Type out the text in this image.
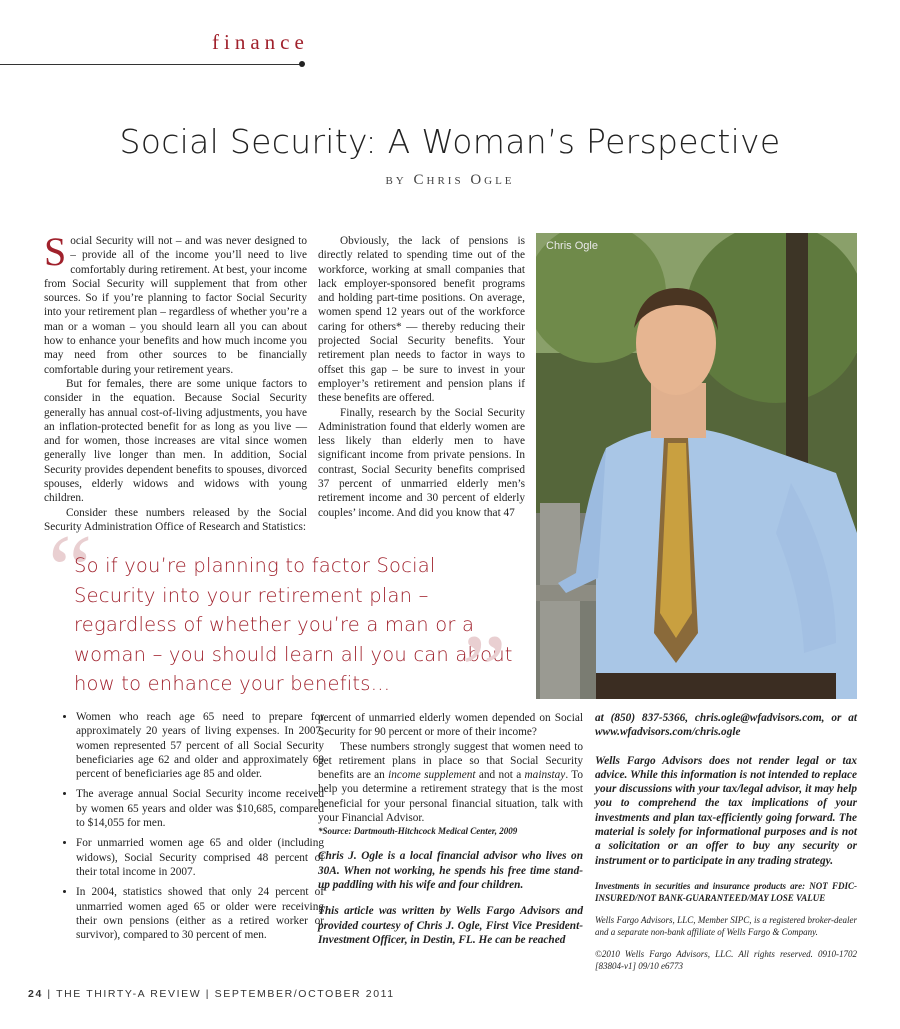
finance
Social Security: A Woman’s Perspective
by Chris Ogle

Social Security will not – and was never designed to – provide all of the income you’ll need to live comfortably during retirement. At best, your income from Social Security will supplement that from other sources. So if you’re planning to factor Social Security into your retirement plan – regardless of whether you’re a man or a woman – you should learn all you can about how to enhance your benefits and how much income you may need from other sources to be financially comfortable during your retirement years.

But for females, there are some unique factors to consider in the equation. Because Social Security generally has annual cost-of-living adjustments, you have an inflation-protected benefit for as long as you live — and for women, those increases are vital since women generally live longer than men. In addition, Social Security provides dependent benefits to spouses, divorced spouses, elderly widows and widows with young children.

Consider these numbers released by the Social Security Administration Office of Research and Statistics:

Obviously, the lack of pensions is directly related to spending time out of the workforce, working at small companies that lack employer-sponsored benefit programs and holding part-time positions. On average, women spend 12 years out of the workforce caring for others* — thereby reducing their projected Social Security benefits. Your retirement plan needs to factor in ways to offset this gap – be sure to invest in your employer’s retirement and pension plans if these benefits are offered.

Finally, research by the Social Security Administration found that elderly women are less likely than elderly men to have significant income from private pensions. In contrast, Social Security benefits comprised 37 percent of unmarried elderly men’s retirement income and 30 percent of elderly couples’ income. And did you know that 47

Chris Ogle
“
So if you’re planning to factor Social Security into your retirement plan – regardless of whether you’re a man or a woman – you should learn all you can about how to enhance your benefits… ”
• Women who reach age 65 need to prepare for approximately 20 years of living expenses. In 2007, women represented 57 percent of all Social Security beneficiaries age 62 and older and approximately 69 percent of beneficiaries age 85 and older.
• The average annual Social Security income received by women 65 years and older was $10,685, compared to $14,055 for men.
• For unmarried women age 65 and older (including widows), Social Security comprised 48 percent of their total income in 2007.
• In 2004, statistics showed that only 24 percent of unmarried women aged 65 or older were receiving their own pensions (either as a retired worker or survivor), compared to 30 percent of men.

percent of unmarried elderly women depended on Social Security for 90 percent or more of their income?

These numbers strongly suggest that women need to get retirement plans in place so that Social Security benefits are an income supplement and not a mainstay. To help you determine a retirement strategy that is the most beneficial for your personal financial situation, talk with your Financial Advisor.

*Source: Dartmouth-Hitchcock Medical Center, 2009

Chris J. Ogle is a local financial advisor who lives on 30A. When not working, he spends his free time stand-up paddling with his wife and four children.

This article was written by Wells Fargo Advisors and provided courtesy of Chris J. Ogle, First Vice President-Investment Officer, in Destin, FL. He can be reached

at (850) 837-5366, chris.ogle@wfadvisors.com, or at www.wfadvisors.com/chris.ogle

Wells Fargo Advisors does not render legal or tax advice. While this information is not intended to replace your discussions with your tax/legal advisor, it may help you to comprehend the tax implications of your investments and plan tax-efficiently going forward. The material is solely for informational purposes and is not a solicitation or an offer to buy any security or instrument or to participate in any trading strategy.

Investments in securities and insurance products are: NOT FDIC-INSURED/NOT BANK-GUARANTEED/MAY LOSE VALUE

Wells Fargo Advisors, LLC, Member SIPC, is a registered broker-dealer and a separate non-bank affiliate of Wells Fargo & Company.

©2010 Wells Fargo Advisors, LLC. All rights reserved. 0910-1702 [83804-v1] 09/10 e6773

24 | THE THIRTY-A REVIEW | SEPTEMBER/OCTOBER 2011
